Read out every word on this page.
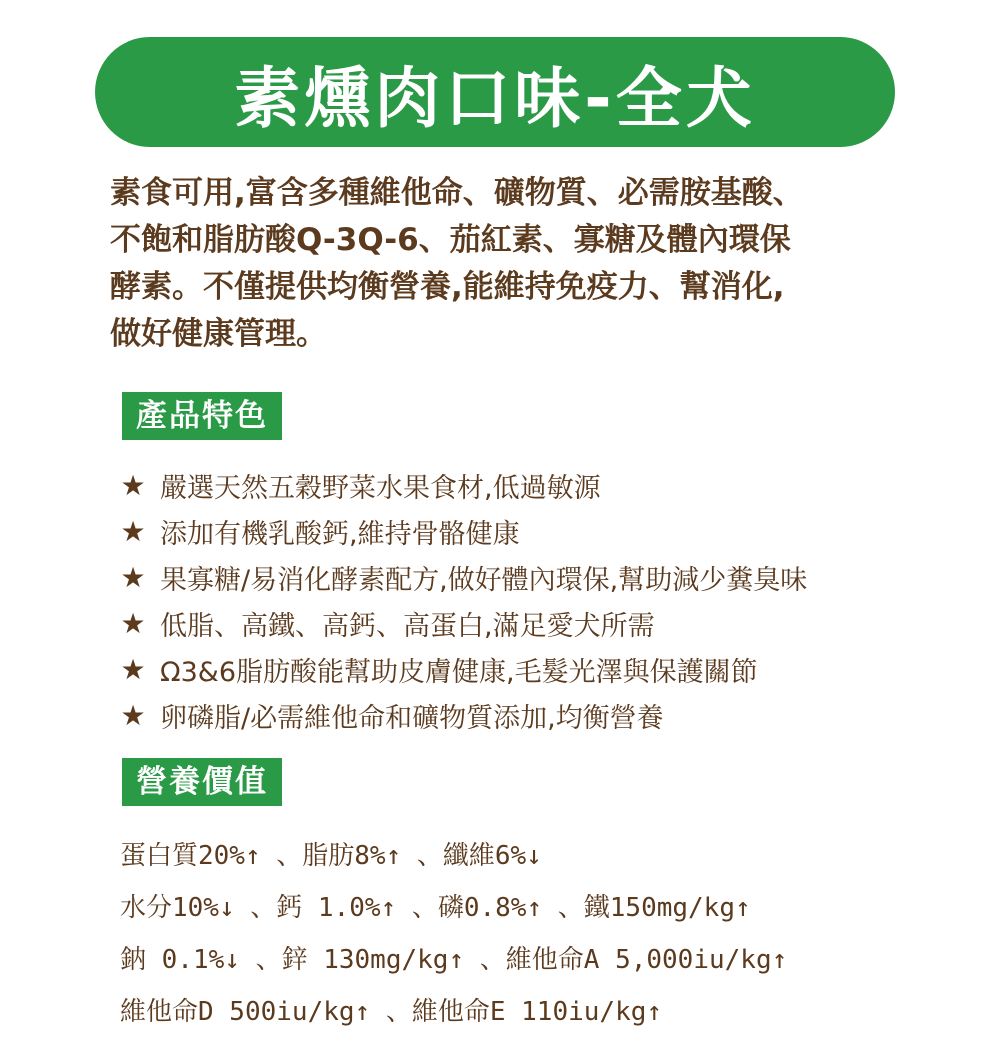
素燻肉口味-全犬
素食可用,富含多種維他命、礦物質、必需胺基酸、
不飽和脂肪酸Q-3Q-6、茄紅素、寡糖及體內環保
酵素。不僅提供均衡營養,能維持免疫力、幫消化,
做好健康管理。
產品特色
★ 嚴選天然五穀野菜水果食材,低過敏源
★ 添加有機乳酸鈣,維持骨骼健康
★ 果寡糖/易消化酵素配方,做好體內環保,幫助減少糞臭味
★ 低脂、高鐵、高鈣、高蛋白,滿足愛犬所需
★ Ω3&6脂肪酸能幫助皮膚健康,毛髮光澤與保護關節
★ 卵磷脂/必需維他命和礦物質添加,均衡營養
營養價值
蛋白質20%↑ 、脂肪8%↑ 、纖維6%↓
水分10%↓ 、鈣 1.0%↑ 、磷0.8%↑ 、鐵150mg/kg↑
鈉 0.1%↓ 、鋅 130mg/kg↑ 、維他命A 5,000iu/kg↑
維他命D 500iu/kg↑ 、維他命E 110iu/kg↑
